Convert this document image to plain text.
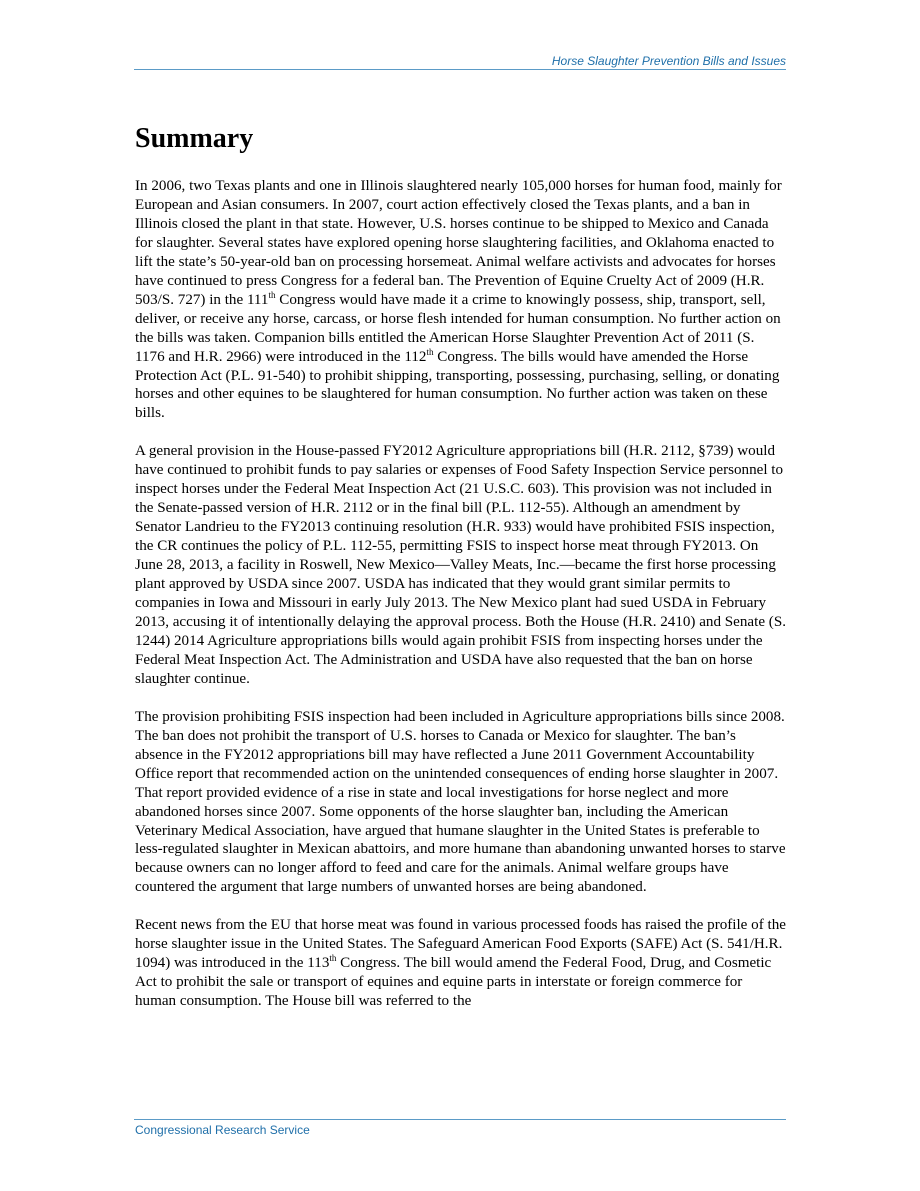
Horse Slaughter Prevention Bills and Issues
Summary

In 2006, two Texas plants and one in Illinois slaughtered nearly 105,000 horses for human food, mainly for European and Asian consumers. In 2007, court action effectively closed the Texas plants, and a ban in Illinois closed the plant in that state. However, U.S. horses continue to be shipped to Mexico and Canada for slaughter. Several states have explored opening horse slaughtering facilities, and Oklahoma enacted to lift the state’s 50-year-old ban on processing horsemeat. Animal welfare activists and advocates for horses have continued to press Congress for a federal ban. The Prevention of Equine Cruelty Act of 2009 (H.R. 503/S. 727) in the 111th Congress would have made it a crime to knowingly possess, ship, transport, sell, deliver, or receive any horse, carcass, or horse flesh intended for human consumption. No further action on the bills was taken. Companion bills entitled the American Horse Slaughter Prevention Act of 2011 (S. 1176 and H.R. 2966) were introduced in the 112th Congress. The bills would have amended the Horse Protection Act (P.L. 91-540) to prohibit shipping, transporting, possessing, purchasing, selling, or donating horses and other equines to be slaughtered for human consumption. No further action was taken on these bills.

A general provision in the House-passed FY2012 Agriculture appropriations bill (H.R. 2112, §739) would have continued to prohibit funds to pay salaries or expenses of Food Safety Inspection Service personnel to inspect horses under the Federal Meat Inspection Act (21 U.S.C. 603). This provision was not included in the Senate-passed version of H.R. 2112 or in the final bill (P.L. 112-55). Although an amendment by Senator Landrieu to the FY2013 continuing resolution (H.R. 933) would have prohibited FSIS inspection, the CR continues the policy of P.L. 112-55, permitting FSIS to inspect horse meat through FY2013. On June 28, 2013, a facility in Roswell, New Mexico—Valley Meats, Inc.—became the first horse processing plant approved by USDA since 2007. USDA has indicated that they would grant similar permits to companies in Iowa and Missouri in early July 2013. The New Mexico plant had sued USDA in February 2013, accusing it of intentionally delaying the approval process. Both the House (H.R. 2410) and Senate (S. 1244) 2014 Agriculture appropriations bills would again prohibit FSIS from inspecting horses under the Federal Meat Inspection Act. The Administration and USDA have also requested that the ban on horse slaughter continue.

The provision prohibiting FSIS inspection had been included in Agriculture appropriations bills since 2008. The ban does not prohibit the transport of U.S. horses to Canada or Mexico for slaughter. The ban’s absence in the FY2012 appropriations bill may have reflected a June 2011 Government Accountability Office report that recommended action on the unintended consequences of ending horse slaughter in 2007. That report provided evidence of a rise in state and local investigations for horse neglect and more abandoned horses since 2007. Some opponents of the horse slaughter ban, including the American Veterinary Medical Association, have argued that humane slaughter in the United States is preferable to less-regulated slaughter in Mexican abattoirs, and more humane than abandoning unwanted horses to starve because owners can no longer afford to feed and care for the animals. Animal welfare groups have countered the argument that large numbers of unwanted horses are being abandoned.

Recent news from the EU that horse meat was found in various processed foods has raised the profile of the horse slaughter issue in the United States. The Safeguard American Food Exports (SAFE) Act (S. 541/H.R. 1094) was introduced in the 113th Congress. The bill would amend the Federal Food, Drug, and Cosmetic Act to prohibit the sale or transport of equines and equine parts in interstate or foreign commerce for human consumption. The House bill was referred to the

Congressional Research Service
